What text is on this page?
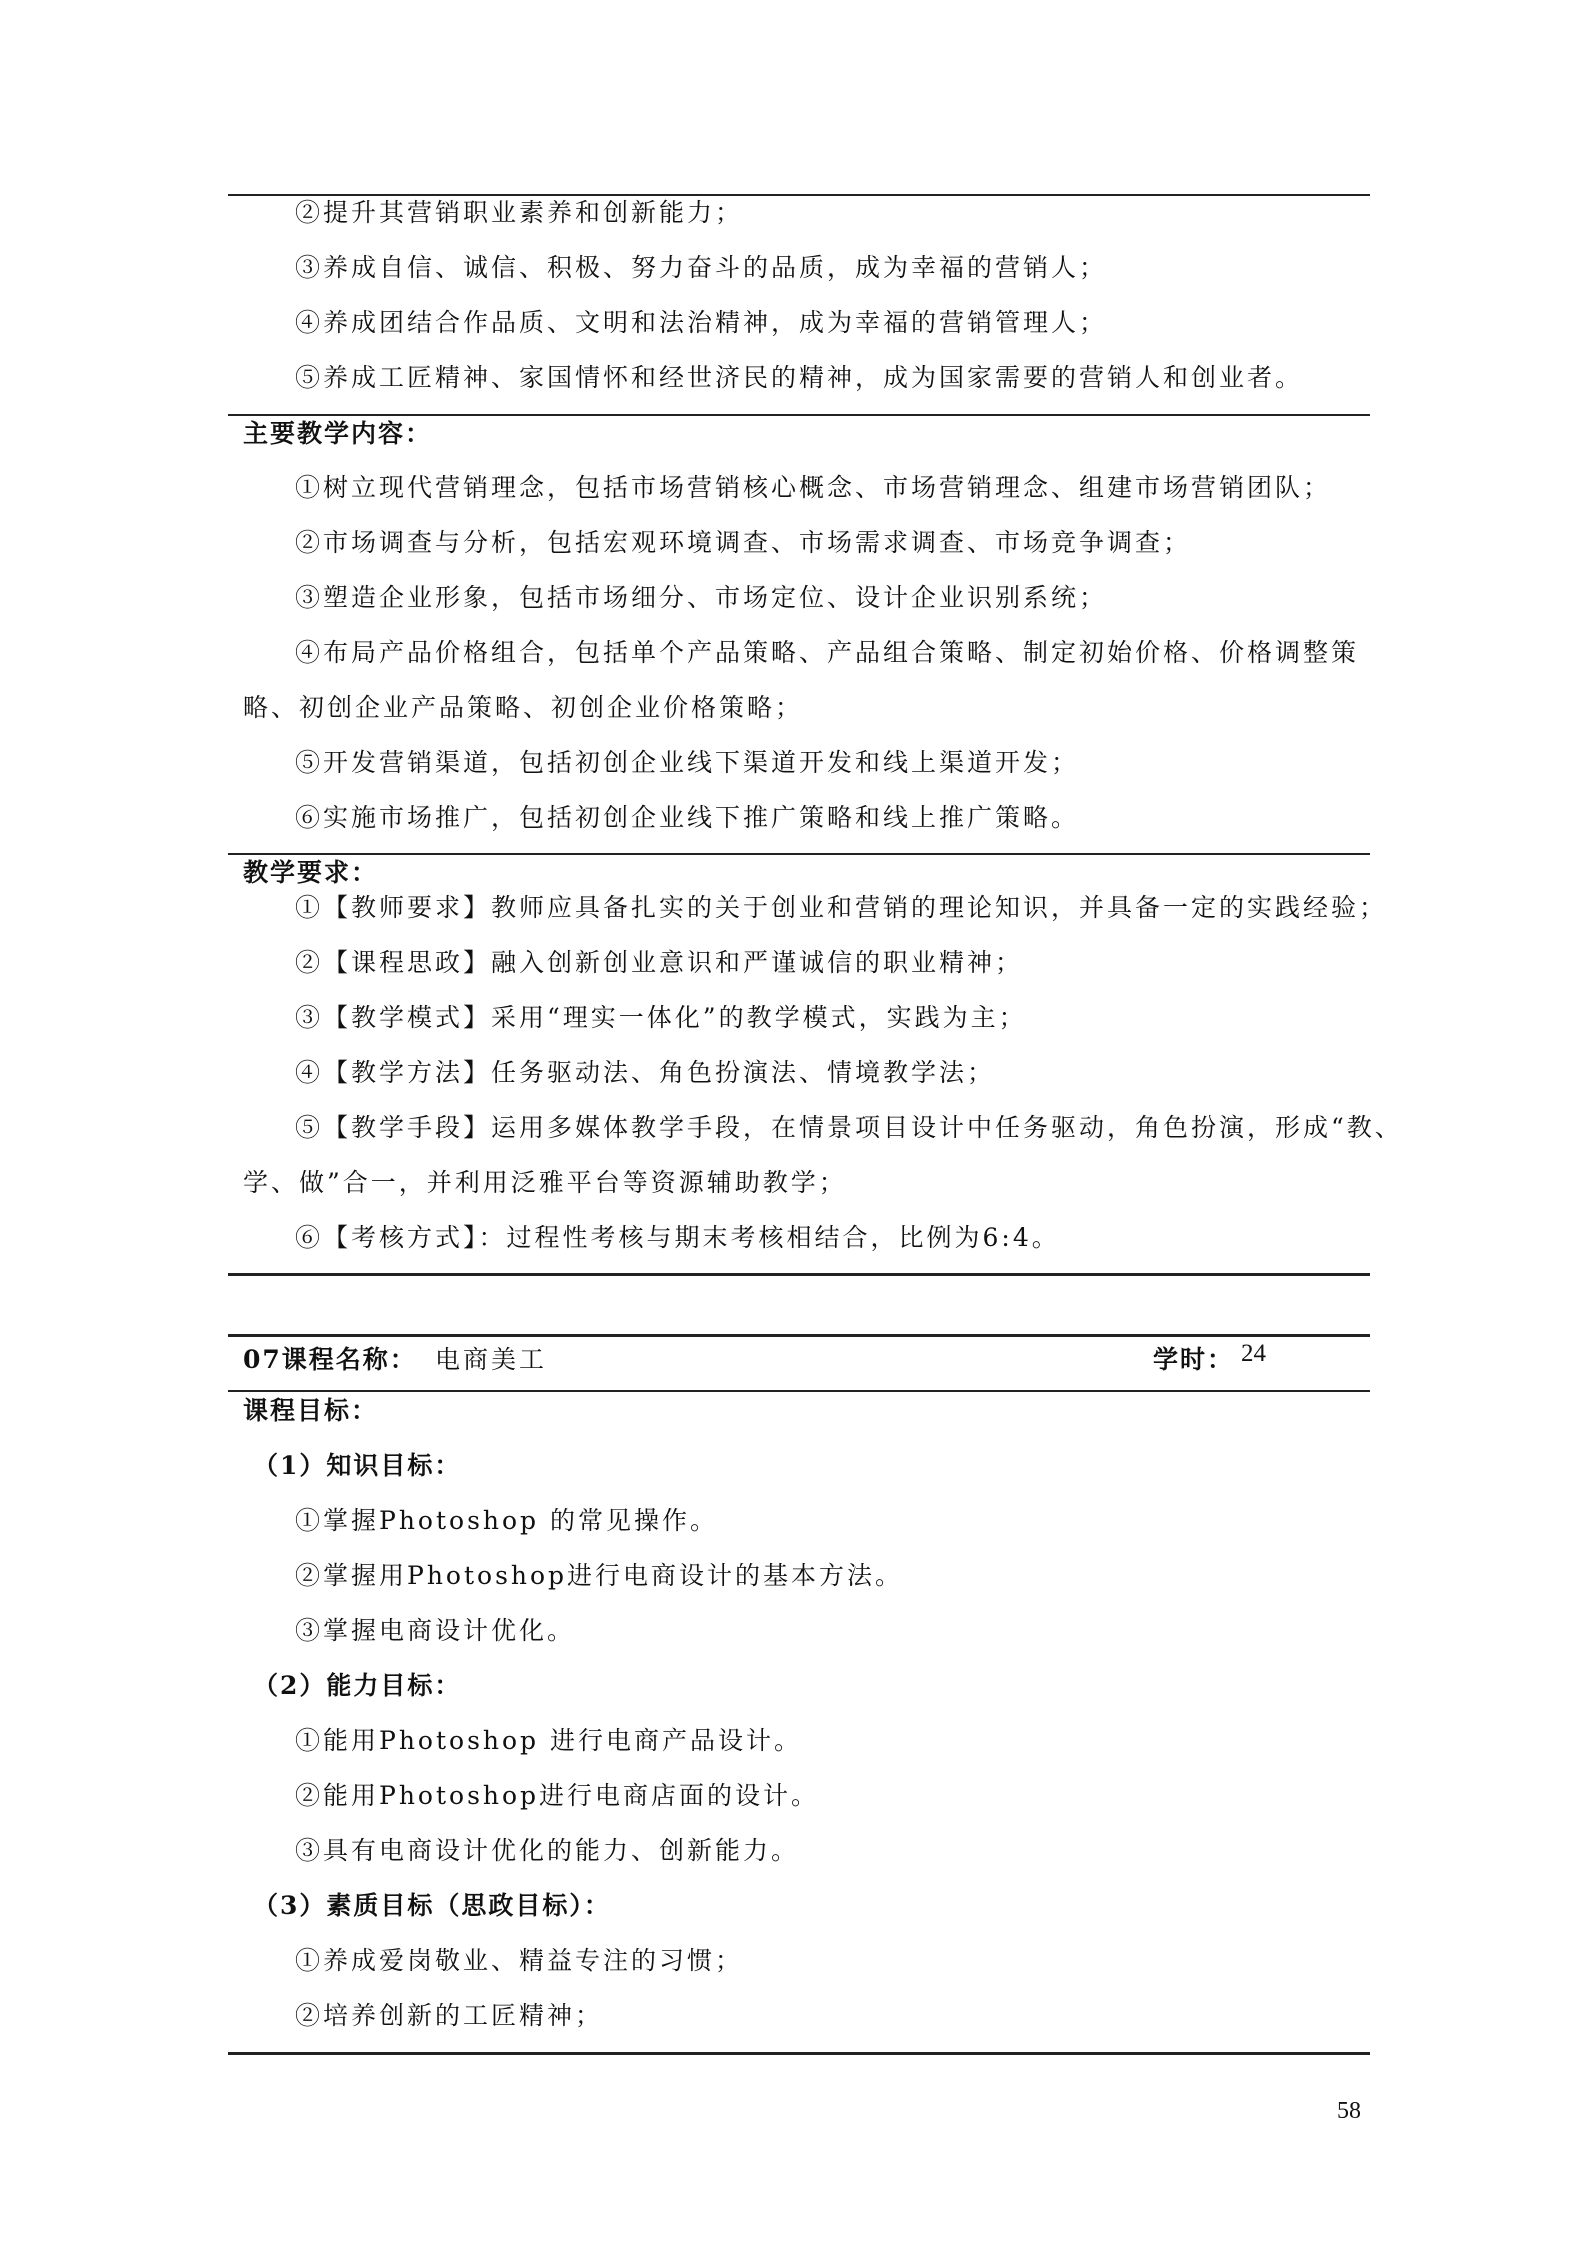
②提升其营销职业素养和创新能力；
③养成自信、诚信、积极、努力奋斗的品质，成为幸福的营销人；
④养成团结合作品质、文明和法治精神，成为幸福的营销管理人；
⑤养成工匠精神、家国情怀和经世济民的精神，成为国家需要的营销人和创业者。
主要教学内容：
①树立现代营销理念，包括市场营销核心概念、市场营销理念、组建市场营销团队；
②市场调查与分析，包括宏观环境调查、市场需求调查、市场竞争调查；
③塑造企业形象，包括市场细分、市场定位、设计企业识别系统；
④布局产品价格组合，包括单个产品策略、产品组合策略、制定初始价格、价格调整策
略、初创企业产品策略、初创企业价格策略；
⑤开发营销渠道，包括初创企业线下渠道开发和线上渠道开发；
⑥实施市场推广，包括初创企业线下推广策略和线上推广策略。
教学要求：
①【教师要求】教师应具备扎实的关于创业和营销的理论知识，并具备一定的实践经验；
②【课程思政】融入创新创业意识和严谨诚信的职业精神；
③【教学模式】采用“理实一体化”的教学模式，实践为主；
④【教学方法】任务驱动法、角色扮演法、情境教学法；
⑤【教学手段】运用多媒体教学手段，在情景项目设计中任务驱动，角色扮演，形成“教、
学、做”合一，并利用泛雅平台等资源辅助教学；
⑥【考核方式】：过程性考核与期末考核相结合，比例为6:4。
07课程名称： 电商美工	学时： 24
课程目标：
（1）知识目标：
①掌握Photoshop 的常见操作。
②掌握用Photoshop进行电商设计的基本方法。
③掌握电商设计优化。
（2）能力目标：
①能用Photoshop 进行电商产品设计。
②能用Photoshop进行电商店面的设计。
③具有电商设计优化的能力、创新能力。
（3）素质目标（思政目标）：
①养成爱岗敬业、精益专注的习惯；
②培养创新的工匠精神；
58
